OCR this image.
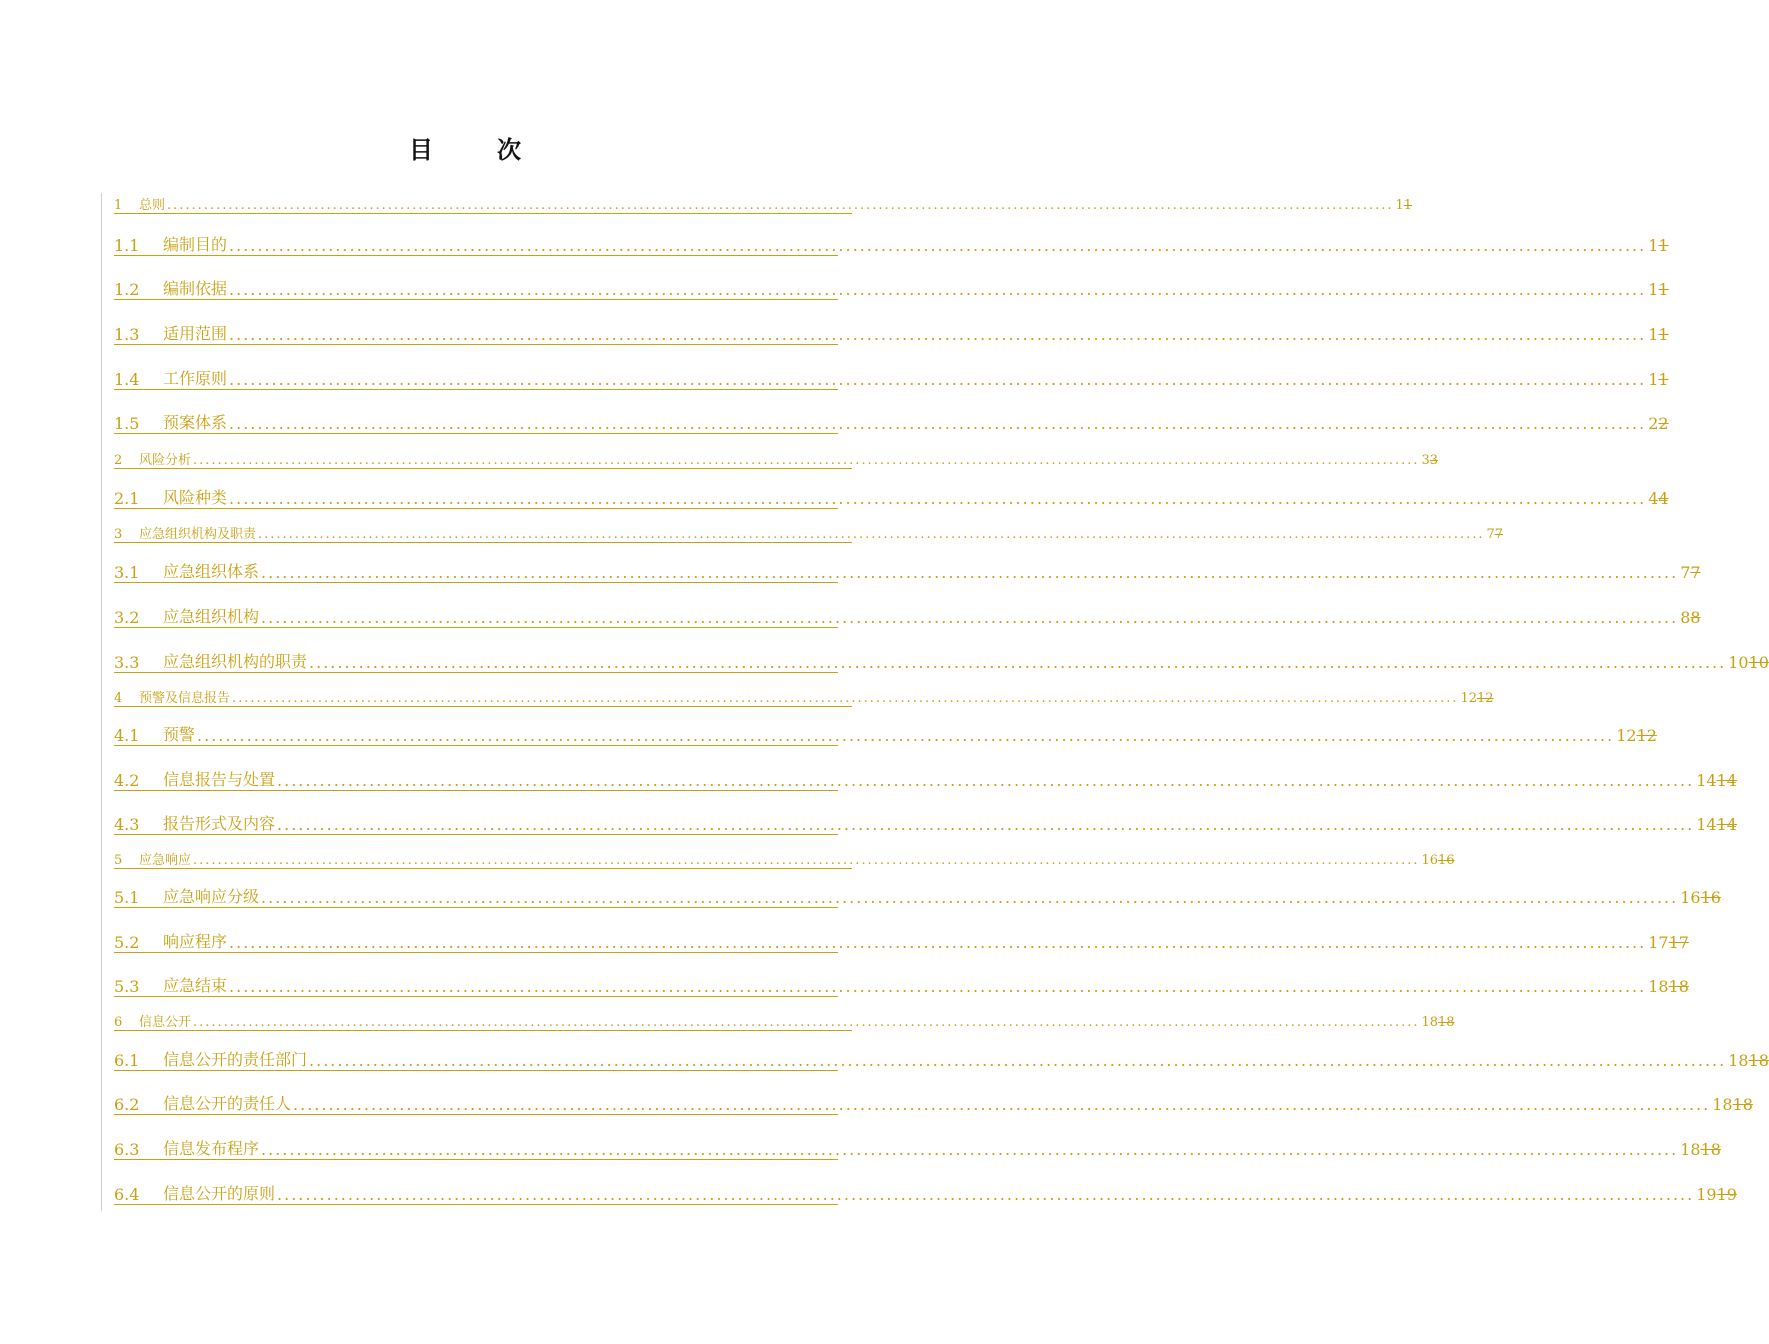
目　次
1	总则 ........................................................................................................................................................................................................ 11
1.1	编制目的 ........................................................................................................................................................................................................ 11
1.2	编制依据 ........................................................................................................................................................................................................ 11
1.3	适用范围 ........................................................................................................................................................................................................ 11
1.4	工作原则 ........................................................................................................................................................................................................ 11
1.5	预案体系 ........................................................................................................................................................................................................ 22
2	风险分析 ........................................................................................................................................................................................................ 33
2.1	风险种类 ........................................................................................................................................................................................................ 44
3	应急组织机构及职责 ........................................................................................................................................................................................................ 77
3.1	应急组织体系 ........................................................................................................................................................................................................ 77
3.2	应急组织机构 ........................................................................................................................................................................................................ 88
3.3	应急组织机构的职责 ........................................................................................................................................................................................................ 1010
4	预警及信息报告 ........................................................................................................................................................................................................ 1212
4.1	预警 ........................................................................................................................................................................................................ 1212
4.2	信息报告与处置 ........................................................................................................................................................................................................ 1414
4.3	报告形式及内容 ........................................................................................................................................................................................................ 1414
5	应急响应 ........................................................................................................................................................................................................ 1616
5.1	应急响应分级 ........................................................................................................................................................................................................ 1616
5.2	响应程序 ........................................................................................................................................................................................................ 1717
5.3	应急结束 ........................................................................................................................................................................................................ 1818
6	信息公开 ........................................................................................................................................................................................................ 1818
6.1	信息公开的责任部门 ........................................................................................................................................................................................................ 1818
6.2	信息公开的责任人 ........................................................................................................................................................................................................ 1818
6.3	信息发布程序 ........................................................................................................................................................................................................ 1818
6.4	信息公开的原则 ........................................................................................................................................................................................................ 1919
